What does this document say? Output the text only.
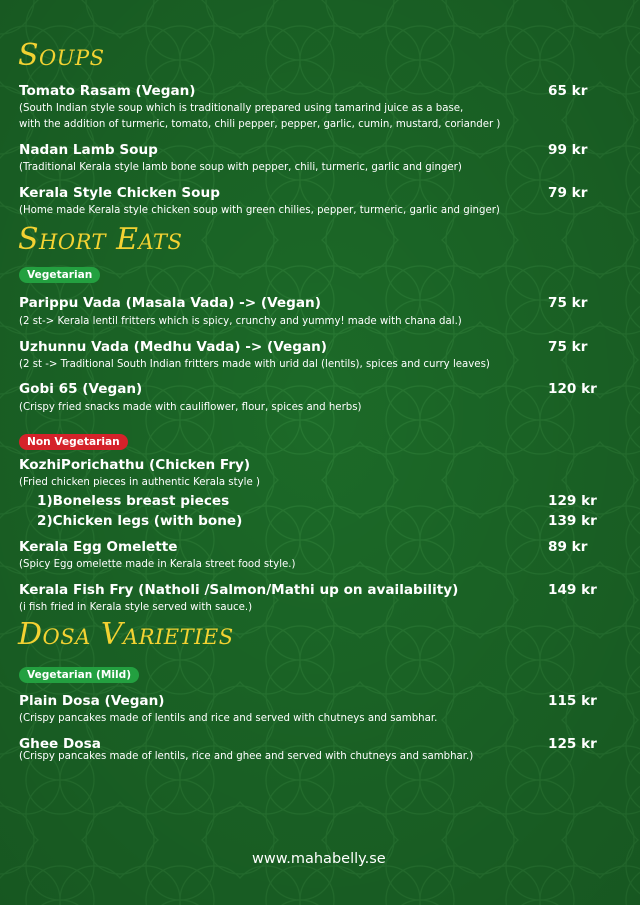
Soups
Tomato Rasam (Vegan)	65 kr
(South Indian style soup which is traditionally prepared using tamarind juice as a base,
with the addition of turmeric, tomato, chili pepper, pepper, garlic, cumin, mustard, coriander )
Nadan Lamb Soup	99 kr
(Traditional Kerala style lamb bone soup with pepper, chili, turmeric, garlic and ginger)
Kerala Style Chicken Soup	79 kr
(Home made Kerala style chicken soup with green chilies, pepper, turmeric, garlic and ginger)
Short Eats
Vegetarian
Parippu Vada (Masala Vada) -> (Vegan)	75 kr
(2 st-> Kerala lentil fritters which is spicy, crunchy and yummy! made with chana dal.)
Uzhunnu Vada (Medhu Vada) -> (Vegan)	75 kr
(2 st -> Traditional South Indian fritters made with urid dal (lentils), spices and curry leaves)
Gobi 65 (Vegan)	120 kr
(Crispy fried snacks made with cauliflower, flour, spices and herbs)
Non Vegetarian
KozhiPorichathu (Chicken Fry)
(Fried chicken pieces in authentic Kerala style )
1)Boneless breast pieces	129 kr
2)Chicken legs (with bone)	139 kr
Kerala Egg Omelette	89 kr
(Spicy Egg omelette made in Kerala street food style.)
Kerala Fish Fry (Natholi /Salmon/Mathi up on availability)	149 kr
(i fish fried in Kerala style served with sauce.)
Dosa Varieties
Vegetarian (Mild)
Plain Dosa (Vegan)	115 kr
(Crispy pancakes made of lentils and rice and served with chutneys and sambhar.
Ghee Dosa	125 kr
(Crispy pancakes made of lentils, rice and ghee and served with chutneys and sambhar.)
www.mahabelly.se
